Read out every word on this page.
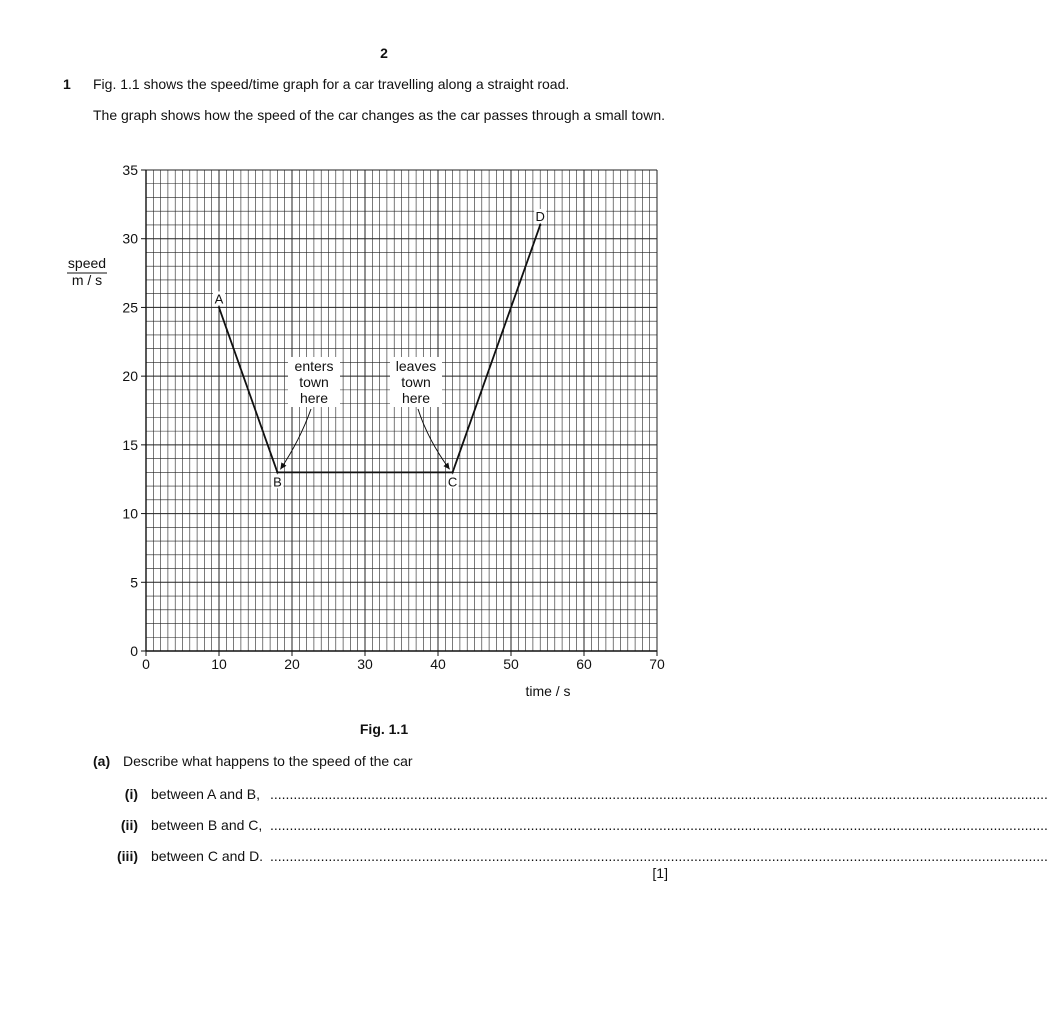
2
1 Fig. 1.1 shows the speed/time graph for a car travelling along a straight road.
The graph shows how the speed of the car changes as the car passes through a small town.
0	10	20	30	40	50	60	70
0
5
10
15
20
25
30
35
time / s
speed
m / s
A
B	C
D
enters
town
here
leaves
town
here
Fig. 1.1
(a) Describe what happens to the speed of the car
(i) between A and B, ........................................................................................................................................................................................................
(ii) between B and C, ........................................................................................................................................................................................................
(iii) between C and D. ........................................................................................................................................................................................................
[1]
